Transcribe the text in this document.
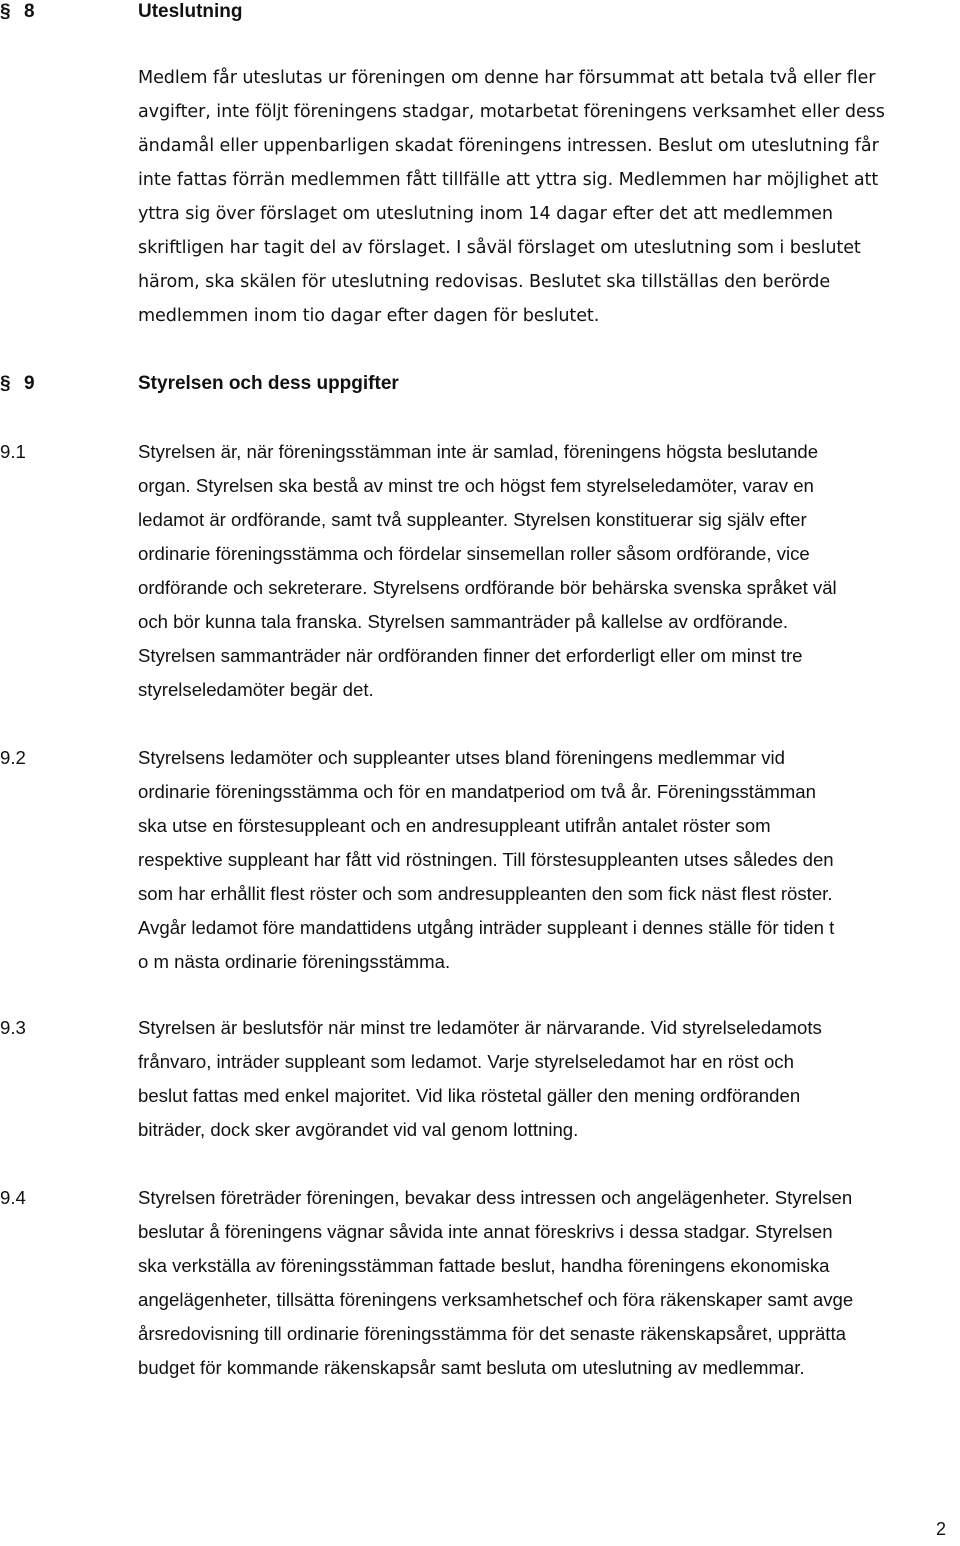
§ 8	Uteslutning
Medlem får uteslutas ur föreningen om denne har försummat att betala två eller fler
avgifter, inte följt föreningens stadgar, motarbetat föreningens verksamhet eller dess
ändamål eller uppenbarligen skadat föreningens intressen. Beslut om uteslutning får
inte fattas förrän medlemmen fått tillfälle att yttra sig. Medlemmen har möjlighet att
yttra sig över förslaget om uteslutning inom 14 dagar efter det att medlemmen
skriftligen har tagit del av förslaget. I såväl förslaget om uteslutning som i beslutet
härom, ska skälen för uteslutning redovisas. Beslutet ska tillställas den berörde
medlemmen inom tio dagar efter dagen för beslutet.
§ 9	Styrelsen och dess uppgifter
9.1	Styrelsen är, när föreningsstämman inte är samlad, föreningens högsta beslutande
organ. Styrelsen ska bestå av minst tre och högst fem styrelseledamöter, varav en
ledamot är ordförande, samt två suppleanter. Styrelsen konstituerar sig själv efter
ordinarie föreningsstämma och fördelar sinsemellan roller såsom ordförande, vice
ordförande och sekreterare. Styrelsens ordförande bör behärska svenska språket väl
och bör kunna tala franska. Styrelsen sammanträder på kallelse av ordförande.
Styrelsen sammanträder när ordföranden finner det erforderligt eller om minst tre
styrelseledamöter begär det.
9.2	Styrelsens ledamöter och suppleanter utses bland föreningens medlemmar vid
ordinarie föreningsstämma och för en mandatperiod om två år. Föreningsstämman
ska utse en förstesuppleant och en andresuppleant utifrån antalet röster som
respektive suppleant har fått vid röstningen. Till förstesuppleanten utses således den
som har erhållit flest röster och som andresuppleanten den som fick näst flest röster.
Avgår ledamot före mandattidens utgång inträder suppleant i dennes ställe för tiden t
o m nästa ordinarie föreningsstämma.
9.3	Styrelsen är beslutsför när minst tre ledamöter är närvarande. Vid styrelseledamots
frånvaro, inträder suppleant som ledamot. Varje styrelseledamot har en röst och
beslut fattas med enkel majoritet. Vid lika röstetal gäller den mening ordföranden
biträder, dock sker avgörandet vid val genom lottning.
9.4	Styrelsen företräder föreningen, bevakar dess intressen och angelägenheter. Styrelsen
beslutar å föreningens vägnar såvida inte annat föreskrivs i dessa stadgar. Styrelsen
ska verkställa av föreningsstämman fattade beslut, handha föreningens ekonomiska
angelägenheter, tillsätta föreningens verksamhetschef och föra räkenskaper samt avge
årsredovisning till ordinarie föreningsstämma för det senaste räkenskapsåret, upprätta
budget för kommande räkenskapsår samt besluta om uteslutning av medlemmar.
2
